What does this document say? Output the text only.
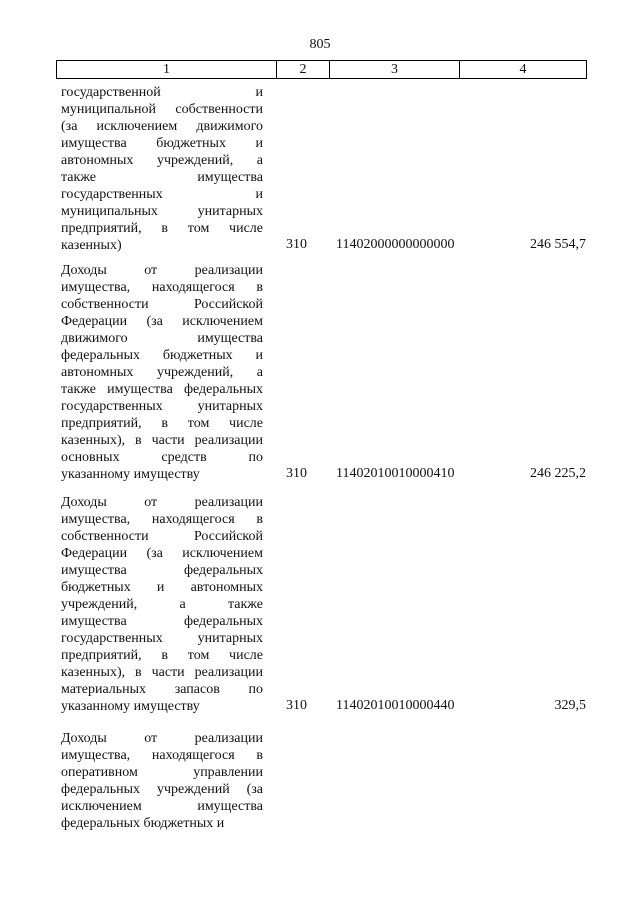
805
1	2	3	4
государственной и
муниципальной собственности
(за исключением движимого
имущества бюджетных и
автономных учреждений, а
также имущества
государственных и
муниципальных унитарных
предприятий, в том числе
казенных)	310 11402000000000000	246 554,7
Доходы от реализации
имущества, находящегося в
собственности Российской
Федерации (за исключением
движимого имущества
федеральных бюджетных и
автономных учреждений, а
также имущества федеральных
государственных унитарных
предприятий, в том числе
казенных), в части реализации
основных средств по
указанному имуществу	310 11402010010000410	246 225,2
Доходы от реализации
имущества, находящегося в
собственности Российской
Федерации (за исключением
имущества федеральных
бюджетных и автономных
учреждений, а также
имущества федеральных
государственных унитарных
предприятий, в том числе
казенных), в части реализации
материальных запасов по
указанному имуществу	310 11402010010000440	329,5
Доходы от реализации
имущества, находящегося в
оперативном управлении
федеральных учреждений (за
исключением имущества
федеральных бюджетных и
